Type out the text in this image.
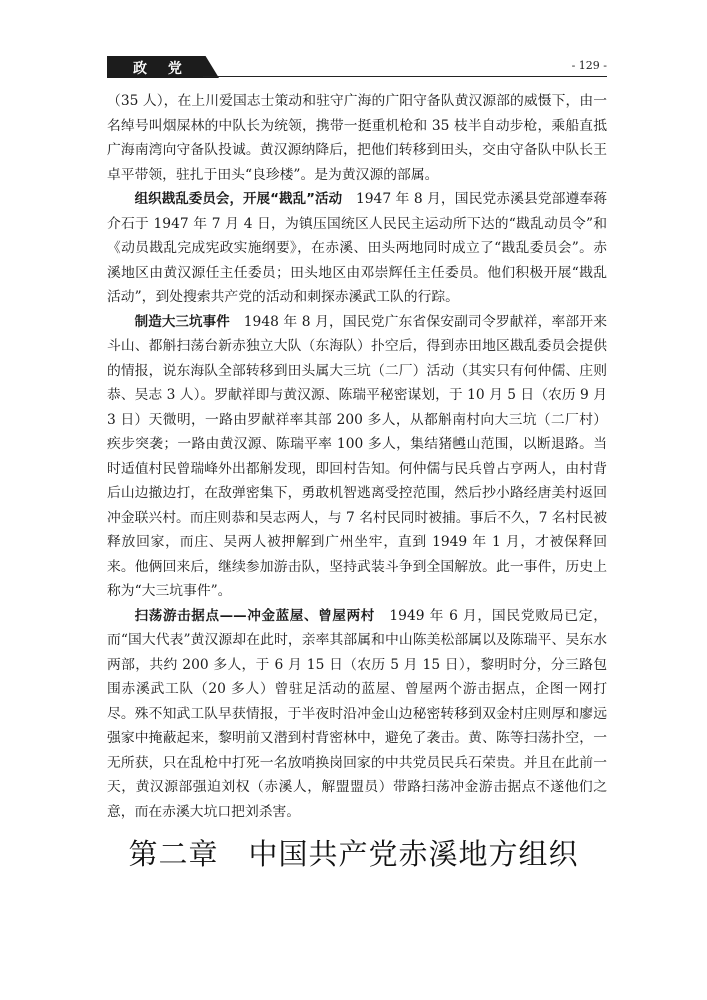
政 党	- 129 -

（35 人），在上川爱国志士策动和驻守广海的广阳守备队黄汉源部的威慑下，由一名绰号叫烟屎林的中队长为统领，携带一挺重机枪和 35 枝半自动步枪，乘船直抵广海南湾向守备队投诚。黄汉源纳降后，把他们转移到田头，交由守备队中队长王卓平带领，驻扎于田头“良珍楼”。是为黄汉源的部属。

组织戡乱委员会，开展“戡乱”活动　1947 年 8 月，国民党赤溪县党部遵奉蒋介石于 1947 年 7 月 4 日，为镇压国统区人民民主运动所下达的“戡乱动员令”和《动员戡乱完成宪政实施纲要》，在赤溪、田头两地同时成立了“戡乱委员会”。赤溪地区由黄汉源任主任委员；田头地区由邓崇辉任主任委员。他们积极开展“戡乱活动”，到处搜索共产党的活动和刺探赤溪武工队的行踪。

制造大三坑事件　1948 年 8 月，国民党广东省保安副司令罗献祥，率部开来斗山、都斛扫荡台新赤独立大队（东海队）扑空后，得到赤田地区戡乱委员会提供的情报，说东海队全部转移到田头属大三坑（二厂）活动（其实只有何仲儒、庄则恭、吴志 3 人）。罗献祥即与黄汉源、陈瑞平秘密谋划，于 10 月 5 日（农历 9 月 3 日）天微明，一路由罗献祥率其部 200 多人，从都斛南村向大三坑（二厂村）疾步突袭；一路由黄汉源、陈瑞平率 100 多人，集结猪乸山范围，以断退路。当时适值村民曾瑞峰外出都斛发现，即回村告知。何仲儒与民兵曾占亨两人，由村背后山边撤边打，在敌弹密集下，勇敢机智逃离受控范围，然后抄小路经唐美村返回冲金联兴村。而庄则恭和吴志两人，与 7 名村民同时被捕。事后不久，7 名村民被释放回家，而庄、吴两人被押解到广州坐牢，直到 1949 年 1 月，才被保释回来。他俩回来后，继续参加游击队，坚持武装斗争到全国解放。此一事件，历史上称为“大三坑事件”。

扫荡游击据点——冲金蓝屋、曾屋两村　1949 年 6 月，国民党败局已定，而“国大代表”黄汉源却在此时，亲率其部属和中山陈美松部属以及陈瑞平、吴东水两部，共约 200 多人，于 6 月 15 日（农历 5 月 15 日），黎明时分，分三路包围赤溪武工队（20 多人）曾驻足活动的蓝屋、曾屋两个游击据点，企图一网打尽。殊不知武工队早获情报，于半夜时沿冲金山边秘密转移到双金村庄则厚和廖远强家中掩蔽起来，黎明前又潜到村背密林中，避免了袭击。黄、陈等扫荡扑空，一无所获，只在乱枪中打死一名放哨换岗回家的中共党员民兵石荣贵。并且在此前一天，黄汉源部强迫刘权（赤溪人，解盟盟员）带路扫荡冲金游击据点不遂他们之意，而在赤溪大坑口把刘杀害。

第二章　中国共产党赤溪地方组织
